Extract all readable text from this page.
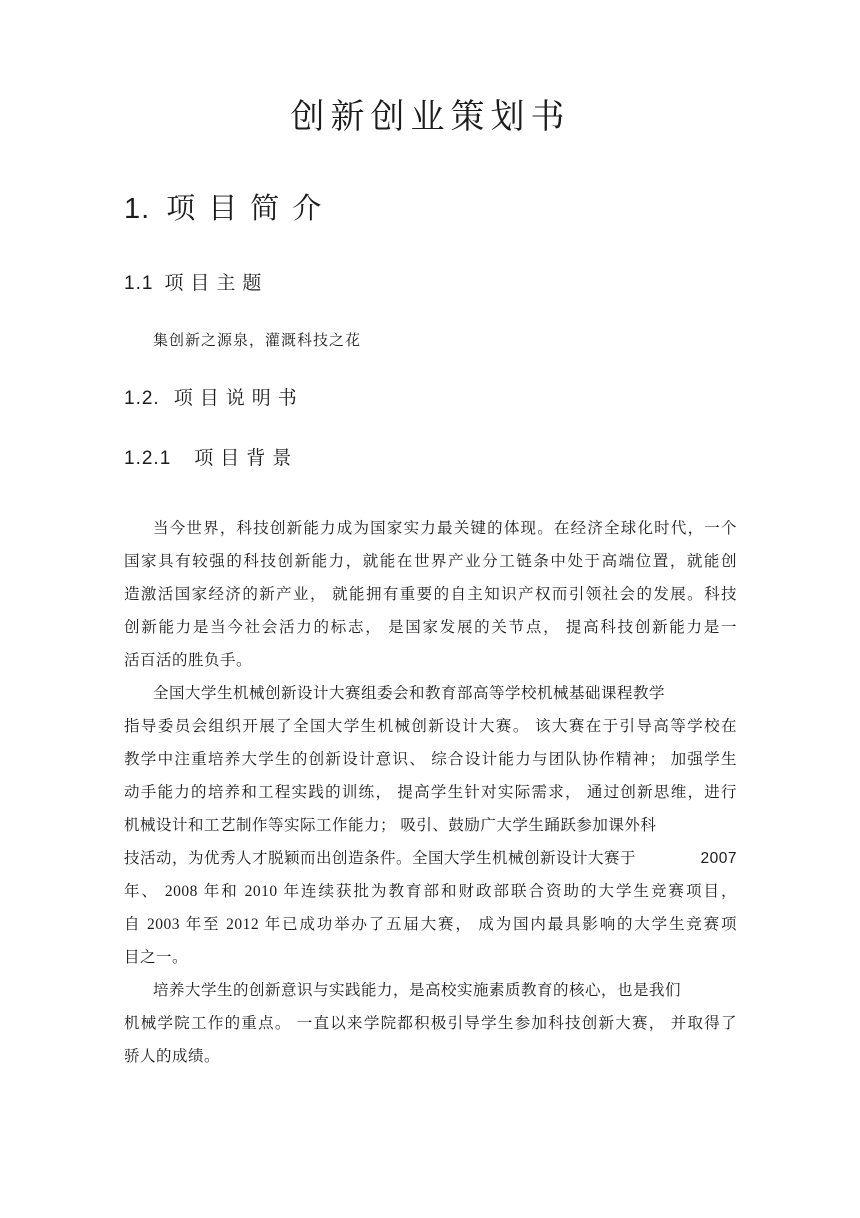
创新创业策划书
1. 项目简介
1.1 项目主题
集创新之源泉，灌溉科技之花
1.2. 项目说明书
1.2.1 项目背景
当今世界，科技创新能力成为国家实力最关键的体现。在经济全球化时代，一个
国家具有较强的科技创新能力，就能在世界产业分工链条中处于高端位置，就能创
造激活国家经济的新产业， 就能拥有重要的自主知识产权而引领社会的发展。科技
创新能力是当今社会活力的标志， 是国家发展的关节点， 提高科技创新能力是一
活百活的胜负手。
全国大学生机械创新设计大赛组委会和教育部高等学校机械基础课程教学
指导委员会组织开展了全国大学生机械创新设计大赛。 该大赛在于引导高等学校在
教学中注重培养大学生的创新设计意识、 综合设计能力与团队协作精神； 加强学生
动手能力的培养和工程实践的训练， 提高学生针对实际需求， 通过创新思维，进行
机械设计和工艺制作等实际工作能力； 吸引、鼓励广大学生踊跃参加课外科
技活动，为优秀人才脱颖而出创造条件。全国大学生机械创新设计大赛于	2007
年、 2008 年和 2010 年连续获批为教育部和财政部联合资助的大学生竞赛项目，
自 2003 年至 2012 年已成功举办了五届大赛， 成为国内最具影响的大学生竞赛项
目之一。
培养大学生的创新意识与实践能力，是高校实施素质教育的核心，也是我们
机械学院工作的重点。 一直以来学院都积极引导学生参加科技创新大赛， 并取得了
骄人的成绩。
